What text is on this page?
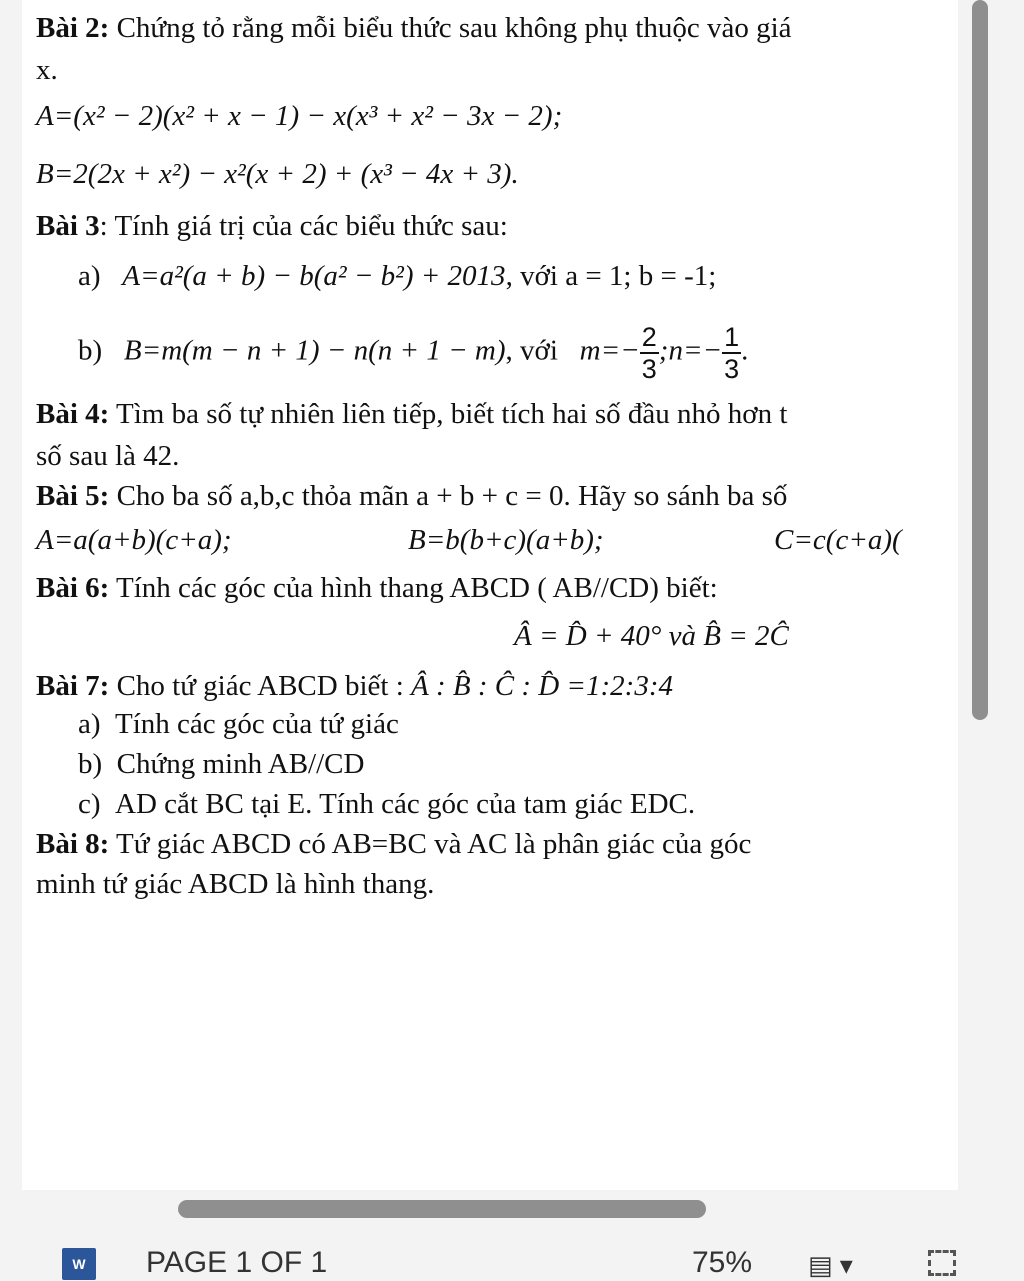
Bài 2: Chứng tỏ rằng mỗi biểu thức sau không phụ thuộc vào giá
x.
A=(x² − 2)(x² + x − 1) − x(x³ + x² − 3x − 2);
B=2(2x + x²) − x²(x + 2) + (x³ − 4x + 3).
Bài 3: Tính giá trị của các biểu thức sau:
a) A=a²(a + b) − b(a² − b²) + 2013, với a = 1; b = -1;
b) B=m(m − n + 1) − n(n + 1 − m), với $m=- \frac{2}{3}$ ;n=− $\frac{1}{3}$ .
Bài 4: Tìm ba số tự nhiên liên tiếp, biết tích hai số đầu nhỏ hơn t
số sau là 42.
Bài 5: Cho ba số a,b,c thỏa mãn a + b + c = 0. Hãy so sánh ba số
A=a(a+b)(c+a);	B=b(b+c)(a+b);	C=c(c+a)(
Bài 6: Tính các góc của hình thang ABCD ( AB//CD) biết:
Â = D̂ + 40° và B̂ = 2Ĉ
Bài 7: Cho tứ giác ABCD biết : Â : B̂ : Ĉ : D̂ =1:2:3:4
a) Tính các góc của tứ giác
b) Chứng minh AB//CD
c) AD cắt BC tại E. Tính các góc của tam giác EDC.
Bài 8: Tứ giác ABCD có AB=BC và AC là phân giác của góc
minh tứ giác ABCD là hình thang.
W	PAGE 1 OF 1	75% ▤ ▾
